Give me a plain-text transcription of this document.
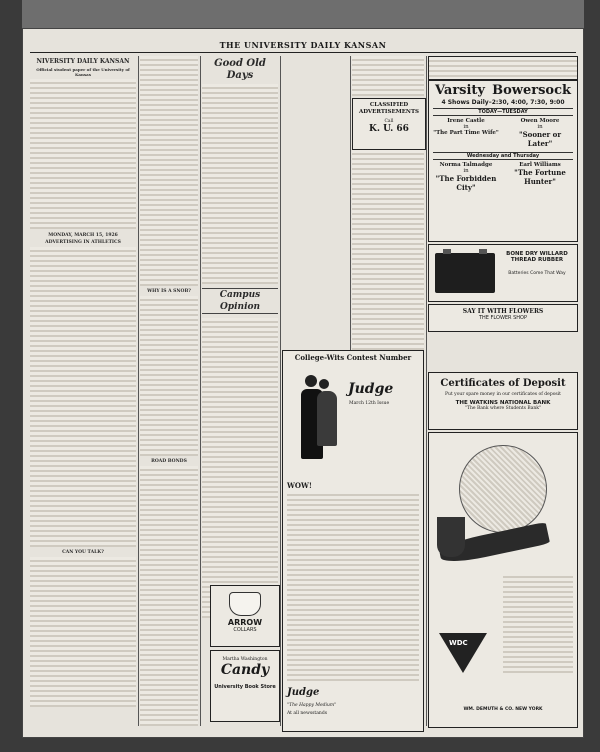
THE UNIVERSITY DAILY KANSAN
NIVERSITY DAILY KANSAN
Official student paper of the University of Kansas
MONDAY, MARCH 15, 1926
ADVERTISING IN ATHLETICS
CAN YOU TALK?
WHY IS A SNOB?
ROAD BONDS
Good Old Days
Campus Opinion
ARROW
COLLARS
Martha Washington
Candy
University Book Store
CLASSIFIED ADVERTISEMENTS
Call
K. U. 66
College-Wits Contest Number
Judge
March 12th Issue
WOW!
Judge
"The Happy Medium"
At all newsstands
Varsity Bowersock
4 Shows Daily–2:30, 4:00, 7:30, 9:00
TODAY—TUESDAY
Irene Castle
in
"The Part Time Wife"
Owen Moore
in
"Sooner or Later"
Wednesday and Thursday
Norma Talmadge
in
"The Forbidden City"
Earl Williams
"The Fortune Hunter"
BONE DRY WILLARD THREAD RUBBER
Batteries Come That Way
SAY IT WITH FLOWERS
THE FLOWER SHOP
Certificates of Deposit
Put your spare money in our certificates of deposit
THE WATKINS NATIONAL BANK
"The Bank where Students Bank"
WDC
WM. DEMUTH & CO. NEW YORK
